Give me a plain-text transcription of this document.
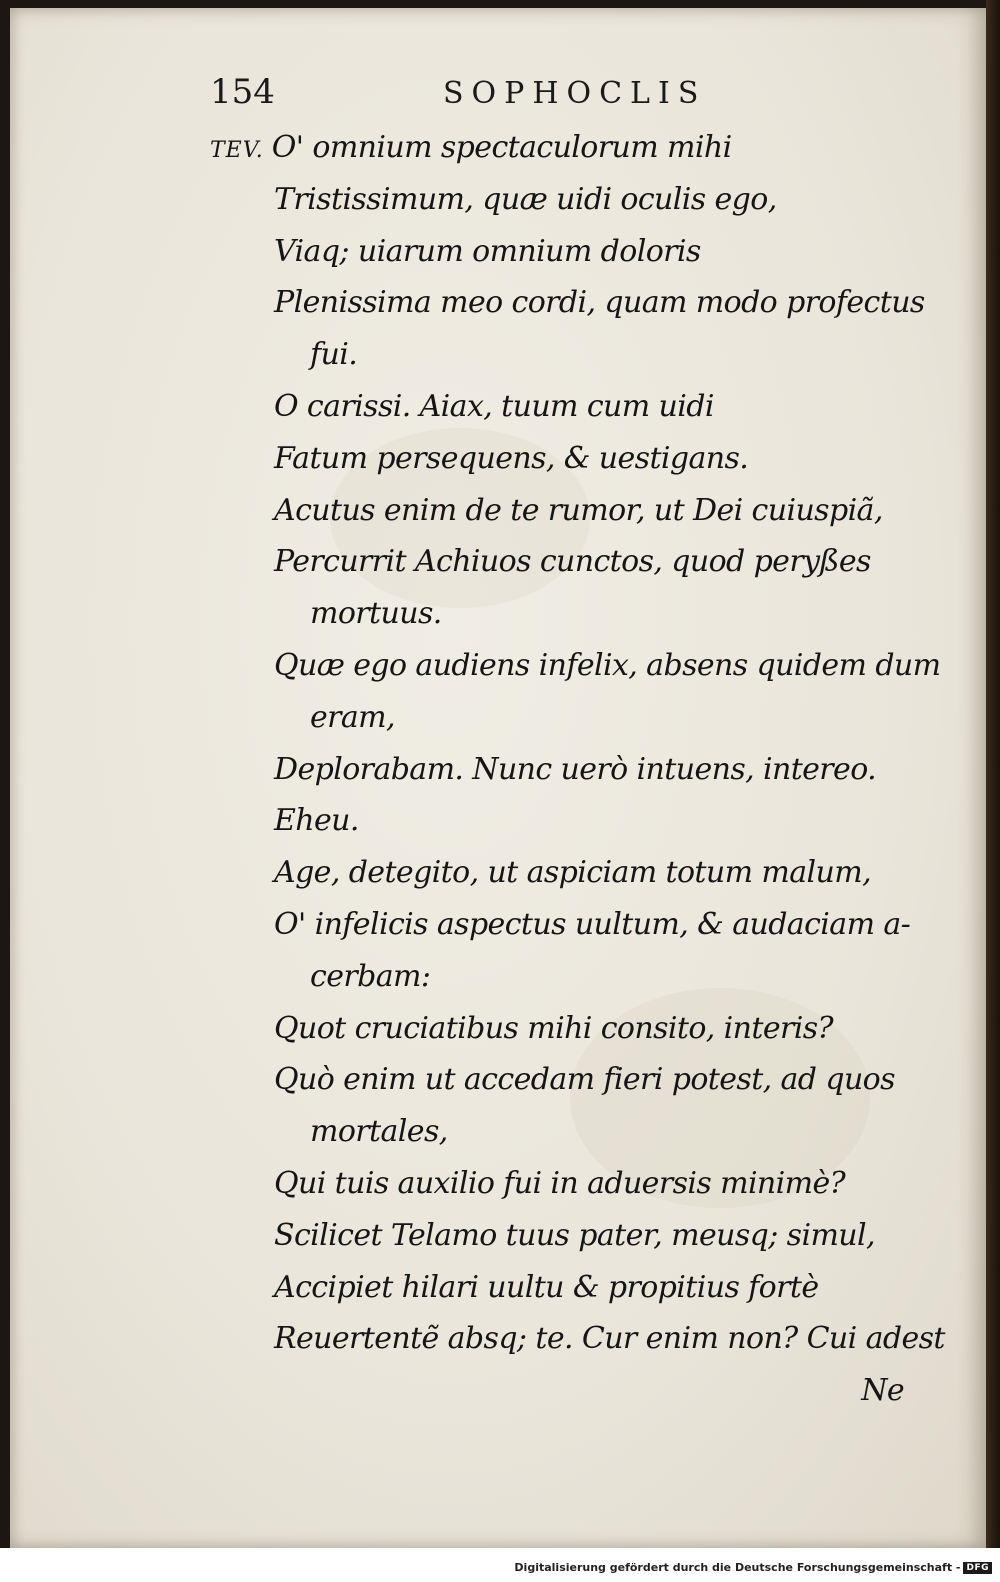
154	SOPHOCLIS
TEV. O' omnium spectaculorum mihi
Tristissimum, quæ uidi oculis ego,
Viaq; uiarum omnium doloris
Plenissima meo cordi, quam modo profectus
fui.
O carissi. Aiax, tuum cum uidi
Fatum persequens, & uestigans.
Acutus enim de te rumor, ut Dei cuiuspiã,
Percurrit Achiuos cunctos, quod peryßes
mortuus.
Quæ ego audiens infelix, absens quidem dum
eram,
Deplorabam. Nunc uerò intuens, intereo.
Eheu.
Age, detegito, ut aspiciam totum malum,
O' infelicis aspectus uultum, & audaciam a-
cerbam:
Quot cruciatibus mihi consito, interis?
Quò enim ut accedam fieri potest, ad quos
mortales,
Qui tuis auxilio fui in aduersis minimè?
Scilicet Telamo tuus pater, meusq; simul,
Accipiet hilari uultu & propitius fortè
Reuertentẽ absq; te. Cur enim non? Cui adest
Ne
Digitalisierung gefördert durch die Deutsche Forschungsgemeinschaft - DFG
